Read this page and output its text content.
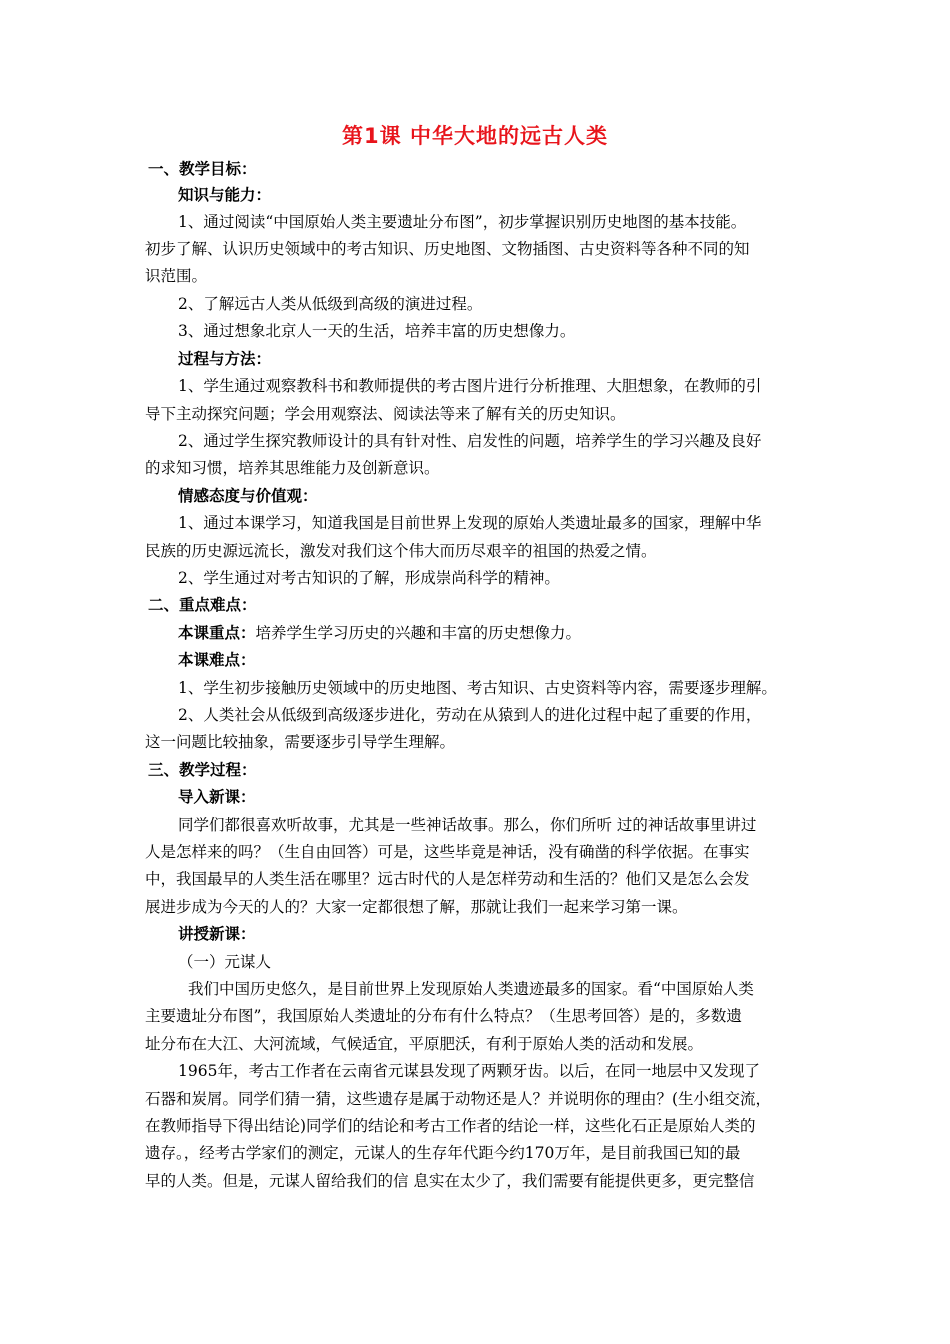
第1课 中华大地的远古人类
一、教学目标：
知识与能力：
1、通过阅读“中国原始人类主要遗址分布图”，初步掌握识别历史地图的基本技能。
初步了解、认识历史领域中的考古知识、历史地图、文物插图、古史资料等各种不同的知
识范围。
2、了解远古人类从低级到高级的演进过程。
3、通过想象北京人一天的生活，培养丰富的历史想像力。
过程与方法：
1、学生通过观察教科书和教师提供的考古图片进行分析推理、大胆想象，在教师的引
导下主动探究问题；学会用观察法、阅读法等来了解有关的历史知识。
2、通过学生探究教师设计的具有针对性、启发性的问题，培养学生的学习兴趣及良好
的求知习惯，培养其思维能力及创新意识。
情感态度与价值观：
1、通过本课学习，知道我国是目前世界上发现的原始人类遗址最多的国家，理解中华
民族的历史源远流长，激发对我们这个伟大而历尽艰辛的祖国的热爱之情。
2、学生通过对考古知识的了解，形成崇尚科学的精神。
二、重点难点：
本课重点：培养学生学习历史的兴趣和丰富的历史想像力。
本课难点：
1、学生初步接触历史领域中的历史地图、考古知识、古史资料等内容，需要逐步理解。
2、人类社会从低级到高级逐步进化，劳动在从猿到人的进化过程中起了重要的作用，
这一问题比较抽象，需要逐步引导学生理解。
三、教学过程：
导入新课：
同学们都很喜欢听故事，尤其是一些神话故事。那么，你们所听 过的神话故事里讲过
人是怎样来的吗？（生自由回答）可是，这些毕竟是神话，没有确凿的科学依据。在事实
中，我国最早的人类生活在哪里？远古时代的人是怎样劳动和生活的？他们又是怎么会发
展进步成为今天的人的？大家一定都很想了解，那就让我们一起来学习第一课。
讲授新课：
（一）元谋人
我们中国历史悠久，是目前世界上发现原始人类遗迹最多的国家。看“中国原始人类
主要遗址分布图”，我国原始人类遗址的分布有什么特点？（生思考回答）是的，多数遗
址分布在大江、大河流域，气候适宜，平原肥沃，有利于原始人类的活动和发展。
1965年，考古工作者在云南省元谋县发现了两颗牙齿。以后，在同一地层中又发现了
石器和炭屑。同学们猜一猜，这些遗存是属于动物还是人？并说明你的理由？(生小组交流，
在教师指导下得出结论)同学们的结论和考古工作者的结论一样，这些化石正是原始人类的
遗存。，经考古学家们的测定，元谋人的生存年代距今约170万年，是目前我国已知的最
早的人类。但是，元谋人留给我们的信 息实在太少了，我们需要有能提供更多，更完整信
